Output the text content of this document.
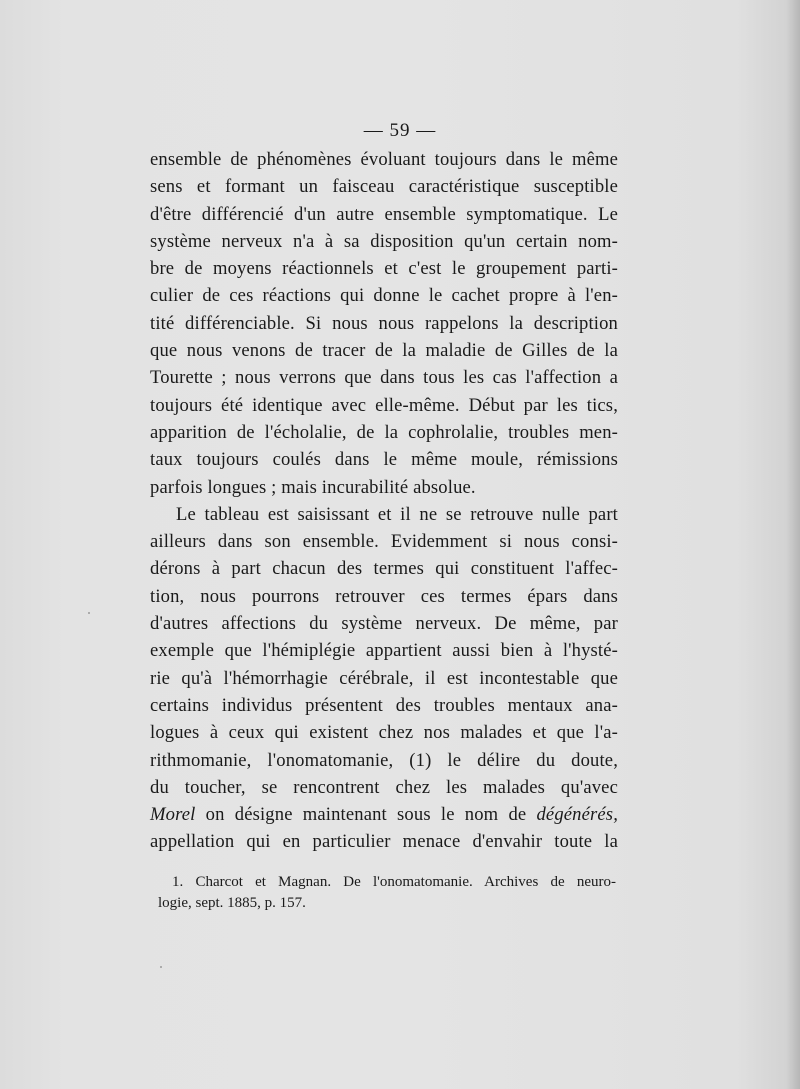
— 59 —
ensemble de phénomènes évoluant toujours dans le même
sens et formant un faisceau caractéristique susceptible
d'être différencié d'un autre ensemble symptomatique. Le
système nerveux n'a à sa disposition qu'un certain nom-
bre de moyens réactionnels et c'est le groupement parti-
culier de ces réactions qui donne le cachet propre à l'en-
tité différenciable. Si nous nous rappelons la description
que nous venons de tracer de la maladie de Gilles de la
Tourette ; nous verrons que dans tous les cas l'affection a
toujours été identique avec elle-même. Début par les tics,
apparition de l'écholalie, de la cophrolalie, troubles men-
taux toujours coulés dans le même moule, rémissions
parfois longues ; mais incurabilité absolue.
Le tableau est saisissant et il ne se retrouve nulle part
ailleurs dans son ensemble. Evidemment si nous consi-
dérons à part chacun des termes qui constituent l'affec-
tion, nous pourrons retrouver ces termes épars dans
d'autres affections du système nerveux. De même, par
exemple que l'hémiplégie appartient aussi bien à l'hysté-
rie qu'à l'hémorrhagie cérébrale, il est incontestable que
certains individus présentent des troubles mentaux ana-
logues à ceux qui existent chez nos malades et que l'a-
rithmomanie, l'onomatomanie, (1) le délire du doute,
du toucher, se rencontrent chez les malades qu'avec
Morel on désigne maintenant sous le nom de dégénérés,
appellation qui en particulier menace d'envahir toute la
1. Charcot et Magnan. De l'onomatomanie. Archives de neuro-
logie, sept. 1885, p. 157.
